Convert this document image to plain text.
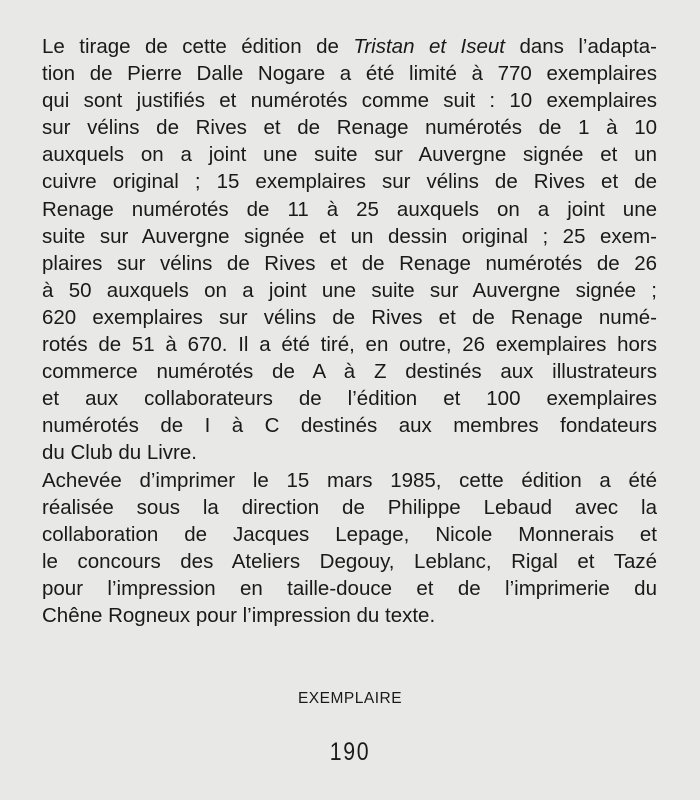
Le tirage de cette édition de Tristan et Iseut dans l’adapta-
tion de Pierre Dalle Nogare a été limité à 770 exemplaires
qui sont justifiés et numérotés comme suit : 10 exemplaires
sur vélins de Rives et de Renage numérotés de 1 à 10
auxquels on a joint une suite sur Auvergne signée et un
cuivre original ; 15 exemplaires sur vélins de Rives et de
Renage numérotés de 11 à 25 auxquels on a joint une
suite sur Auvergne signée et un dessin original ; 25 exem-
plaires sur vélins de Rives et de Renage numérotés de 26
à 50 auxquels on a joint une suite sur Auvergne signée ;
620 exemplaires sur vélins de Rives et de Renage numé-
rotés de 51 à 670. Il a été tiré, en outre, 26 exemplaires hors
commerce numérotés de A à Z destinés aux illustrateurs
et aux collaborateurs de l’édition et 100 exemplaires
numérotés de I à C destinés aux membres fondateurs
du Club du Livre.
Achevée d’imprimer le 15 mars 1985, cette édition a été
réalisée sous la direction de Philippe Lebaud avec la
collaboration de Jacques Lepage, Nicole Monnerais et
le concours des Ateliers Degouy, Leblanc, Rigal et Tazé
pour l’impression en taille-douce et de l’imprimerie du
Chêne Rogneux pour l’impression du texte.
EXEMPLAIRE
190
